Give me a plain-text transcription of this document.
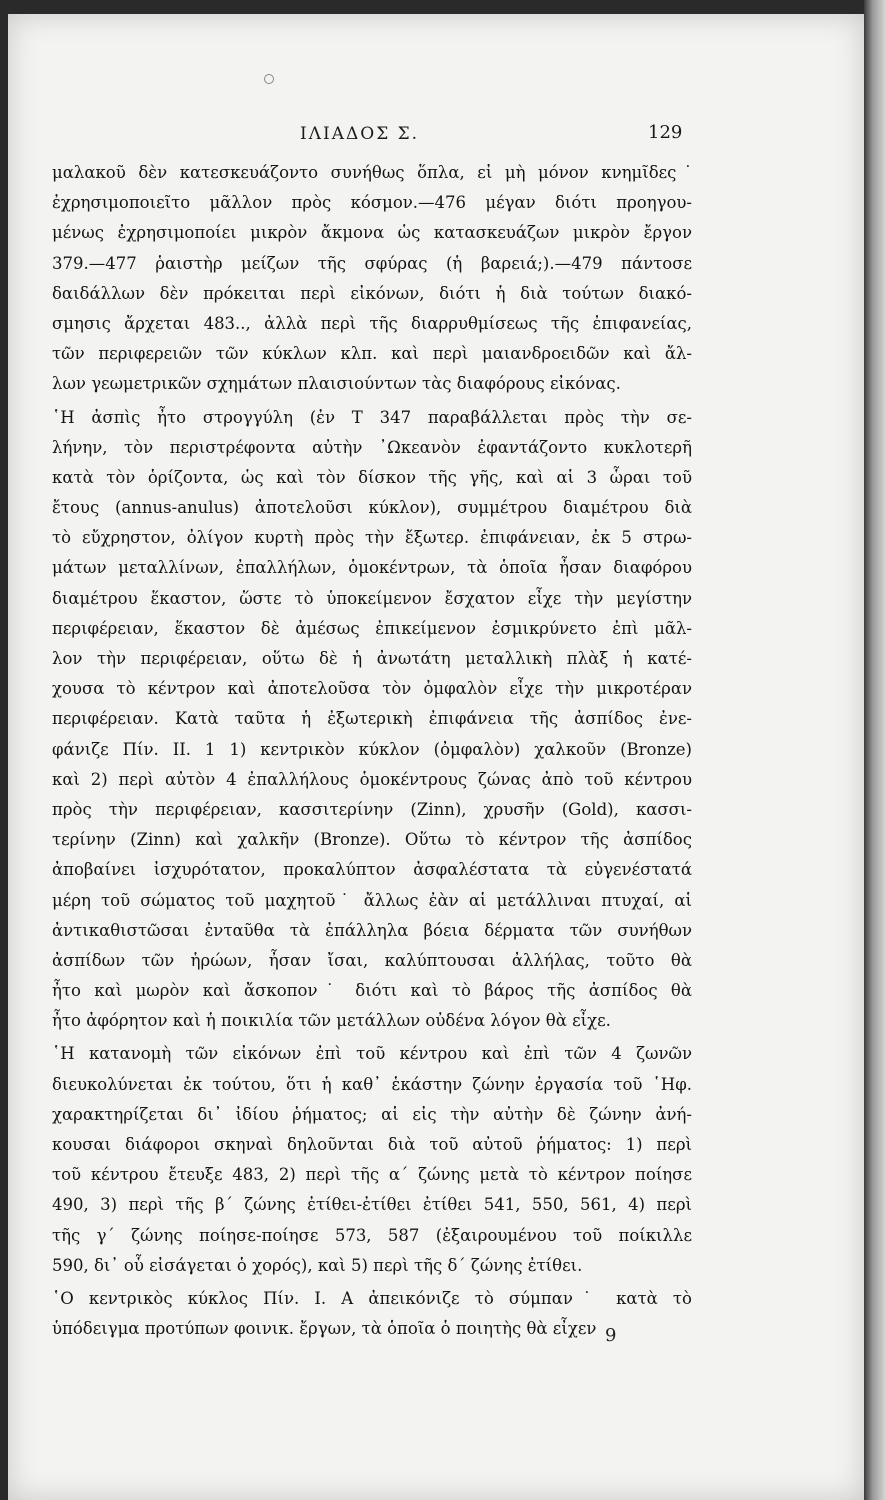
ΙΛΙΑΔΟΣ Σ.	129
μαλακοῦ δὲν κατεσκευάζοντο συνήθως ὅπλα, εἰ μὴ μόνον κνημῖδες˙
ἐχρησιμοποιεῖτο μᾶλλον πρὸς κόσμον.—476 μέγαν διότι προηγου-
μένως ἐχρησιμοποίει μικρὸν ἄκμονα ὡς κατασκευάζων μικρὸν ἔργον
379.—477 ῥαιστὴρ μείζων τῆς σφύρας (ἡ βαρειά;).—479 πάντοσε
δαιδάλλων δὲν πρόκειται περὶ εἰκόνων, διότι ἡ διὰ τούτων διακό-
σμησις ἄρχεται 483.., ἀλλὰ περὶ τῆς διαρρυθμίσεως τῆς ἐπιφανείας,
τῶν περιφερειῶν τῶν κύκλων κλπ. καὶ περὶ μαιανδροειδῶν καὶ ἄλ-
λων γεωμετρικῶν σχημάτων πλαισιούντων τὰς διαφόρους εἰκόνας.
῾Η ἀσπὶς ἦτο στρογγύλη (ἐν Τ 347 παραβάλλεται πρὸς τὴν σε-
λήνην, τὸν περιστρέφοντα αὐτὴν ᾿Ωκεανὸν ἐφαντάζοντο κυκλοτερῆ
κατὰ τὸν ὁρίζοντα, ὡς καὶ τὸν δίσκον τῆς γῆς, καὶ αἱ 3 ὧραι τοῦ
ἔτους (annus-anulus) ἀποτελοῦσι κύκλον), συμμέτρου διαμέτρου διὰ
τὸ εὔχρηστον, ὀλίγον κυρτὴ πρὸς τὴν ἔξωτερ. ἐπιφάνειαν, ἐκ 5 στρω-
μάτων μεταλλίνων, ἐπαλλήλων, ὁμοκέντρων, τὰ ὁποῖα ἦσαν διαφόρου
διαμέτρου ἕκαστον, ὥστε τὸ ὑποκείμενον ἔσχατον εἶχε τὴν μεγίστην
περιφέρειαν, ἕκαστον δὲ ἀμέσως ἐπικείμενον ἐσμικρύνετο ἐπὶ μᾶλ-
λον τὴν περιφέρειαν, οὕτω δὲ ἡ ἀνωτάτη μεταλλικὴ πλὰξ ἡ κατέ-
χουσα τὸ κέντρον καὶ ἀποτελοῦσα τὸν ὀμφαλὸν εἶχε τὴν μικροτέραν
περιφέρειαν. Κατὰ ταῦτα ἡ ἐξωτερικὴ ἐπιφάνεια τῆς ἀσπίδος ἐνε-
φάνιζε Πίν. ΙΙ. 1 1) κεντρικὸν κύκλον (ὀμφαλὸν) χαλκοῦν (Bronze)
καὶ 2) περὶ αὐτὸν 4 ἐπαλλήλους ὁμοκέντρους ζώνας ἀπὸ τοῦ κέντρου
πρὸς τὴν περιφέρειαν, κασσιτερίνην (Zinn), χρυσῆν (Gold), κασσι-
τερίνην (Zinn) καὶ χαλκῆν (Bronze). Οὕτω τὸ κέντρον τῆς ἀσπίδος
ἀποβαίνει ἰσχυρότατον, προκαλύπτον ἀσφαλέστατα τὰ εὐγενέστατά
μέρη τοῦ σώματος τοῦ μαχητοῦ˙ ἄλλως ἐὰν αἱ μετάλλιναι πτυχαί, αἱ
ἀντικαθιστῶσαι ἐνταῦθα τὰ ἐπάλληλα βόεια δέρματα τῶν συνήθων
ἀσπίδων τῶν ἡρώων, ἦσαν ἴσαι, καλύπτουσαι ἀλλήλας, τοῦτο θὰ
ἦτο καὶ μωρὸν καὶ ἄσκοπον˙ διότι καὶ τὸ βάρος τῆς ἀσπίδος θὰ
ἦτο ἀφόρητον καὶ ἡ ποικιλία τῶν μετάλλων οὐδένα λόγον θὰ εἶχε.
῾Η κατανομὴ τῶν εἰκόνων ἐπὶ τοῦ κέντρου καὶ ἐπὶ τῶν 4 ζωνῶν
διευκολύνεται ἐκ τούτου, ὅτι ἡ καθ᾿ ἑκάστην ζώνην ἐργασία τοῦ ῾Ηφ.
χαρακτηρίζεται δι᾿ ἰδίου ῥήματος; αἱ εἰς τὴν αὐτὴν δὲ ζώνην ἀνή-
κουσαι διάφοροι σκηναὶ δηλοῦνται διὰ τοῦ αὐτοῦ ῥήματος: 1) περὶ
τοῦ κέντρου ἔτευξε 483, 2) περὶ τῆς α΄ ζώνης μετὰ τὸ κέντρον ποίησε
490, 3) περὶ τῆς β΄ ζώνης ἐτίθει-ἐτίθει ἐτίθει 541, 550, 561, 4) περὶ
τῆς γ΄ ζώνης ποίησε-ποίησε 573, 587 (ἐξαιρουμένου τοῦ ποίκιλλε
590, δι᾿ οὗ εἰσάγεται ὁ χορός), καὶ 5) περὶ τῆς δ΄ ζώνης ἐτίθει.
῾Ο κεντρικὸς κύκλος Πίν. Ι. Α ἀπεικόνιζε τὸ σύμπαν˙ κατὰ τὸ
ὑπόδειγμα προτύπων φοινικ. ἔργων, τὰ ὁποῖα ὁ ποιητὴς θὰ εἶχεν 9
